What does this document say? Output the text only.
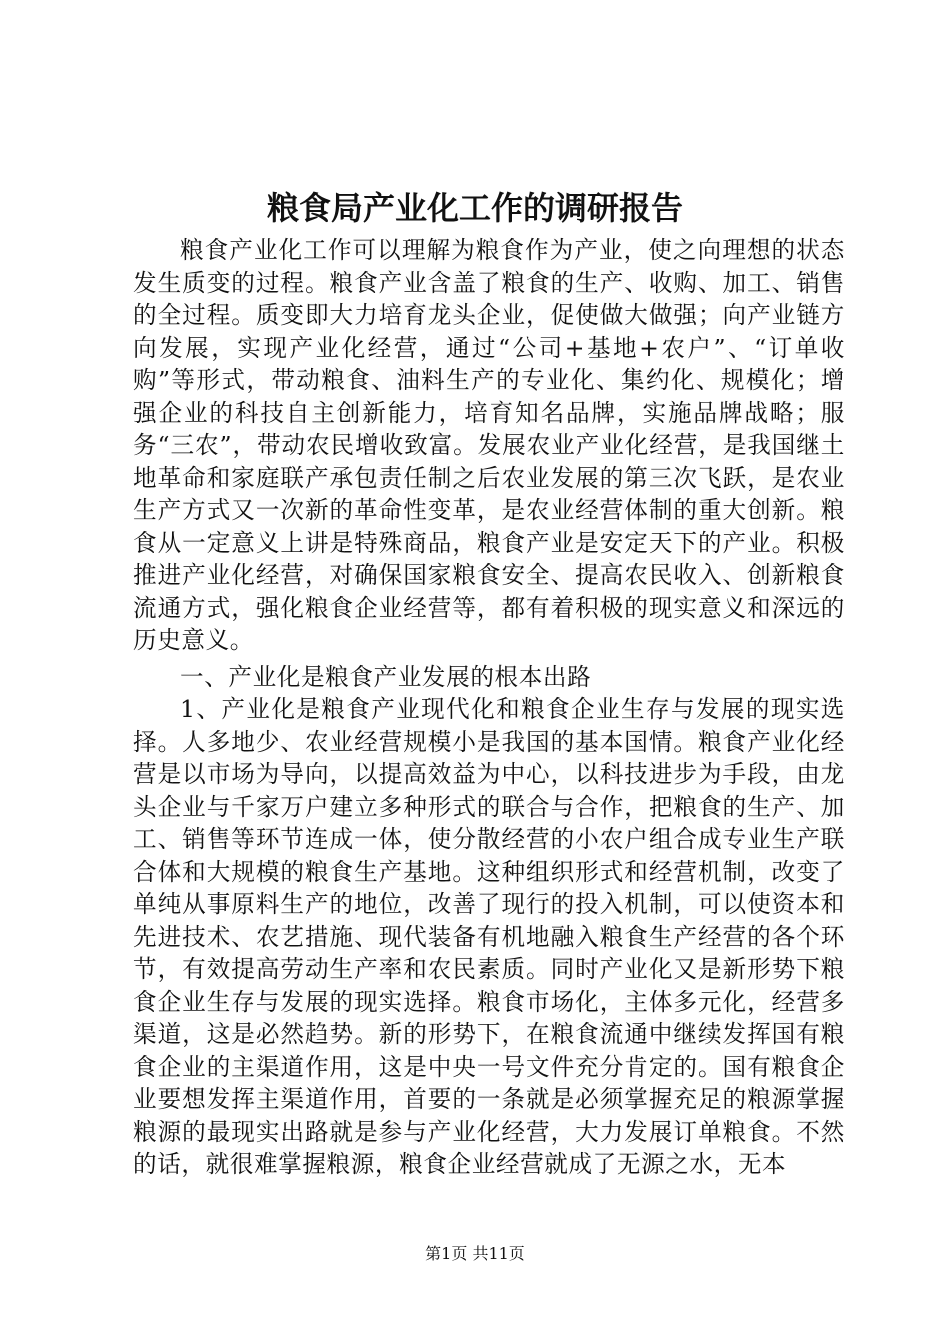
粮食局产业化工作的调研报告

粮食产业化工作可以理解为粮食作为产业，使之向理想的状态发生质变的过程。粮食产业含盖了粮食的生产、收购、加工、销售的全过程。质变即大力培育龙头企业，促使做大做强；向产业链方向发展，实现产业化经营，通过“公司+基地+农户”、“订单收购”等形式，带动粮食、油料生产的专业化、集约化、规模化；增强企业的科技自主创新能力，培育知名品牌，实施品牌战略；服务“三农”，带动农民增收致富。发展农业产业化经营，是我国继土地革命和家庭联产承包责任制之后农业发展的第三次飞跃，是农业生产方式又一次新的革命性变革，是农业经营体制的重大创新。粮食从一定意义上讲是特殊商品，粮食产业是安定天下的产业。积极推进产业化经营，对确保国家粮食安全、提高农民收入、创新粮食流通方式，强化粮食企业经营等，都有着积极的现实意义和深远的历史意义。

一、产业化是粮食产业发展的根本出路

1、产业化是粮食产业现代化和粮食企业生存与发展的现实选择。人多地少、农业经营规模小是我国的基本国情。粮食产业化经营是以市场为导向，以提高效益为中心，以科技进步为手段，由龙头企业与千家万户建立多种形式的联合与合作，把粮食的生产、加工、销售等环节连成一体，使分散经营的小农户组合成专业生产联合体和大规模的粮食生产基地。这种组织形式和经营机制，改变了单纯从事原料生产的地位，改善了现行的投入机制，可以使资本和先进技术、农艺措施、现代装备有机地融入粮食生产经营的各个环节，有效提高劳动生产率和农民素质。同时产业化又是新形势下粮食企业生存与发展的现实选择。粮食市场化，主体多元化，经营多渠道，这是必然趋势。新的形势下，在粮食流通中继续发挥国有粮食企业的主渠道作用，这是中央一号文件充分肯定的。国有粮食企业要想发挥主渠道作用，首要的一条就是必须掌握充足的粮源掌握粮源的最现实出路就是参与产业化经营，大力发展订单粮食。不然的话，就很难掌握粮源，粮食企业经营就成了无源之水，无本

第1页 共11页
